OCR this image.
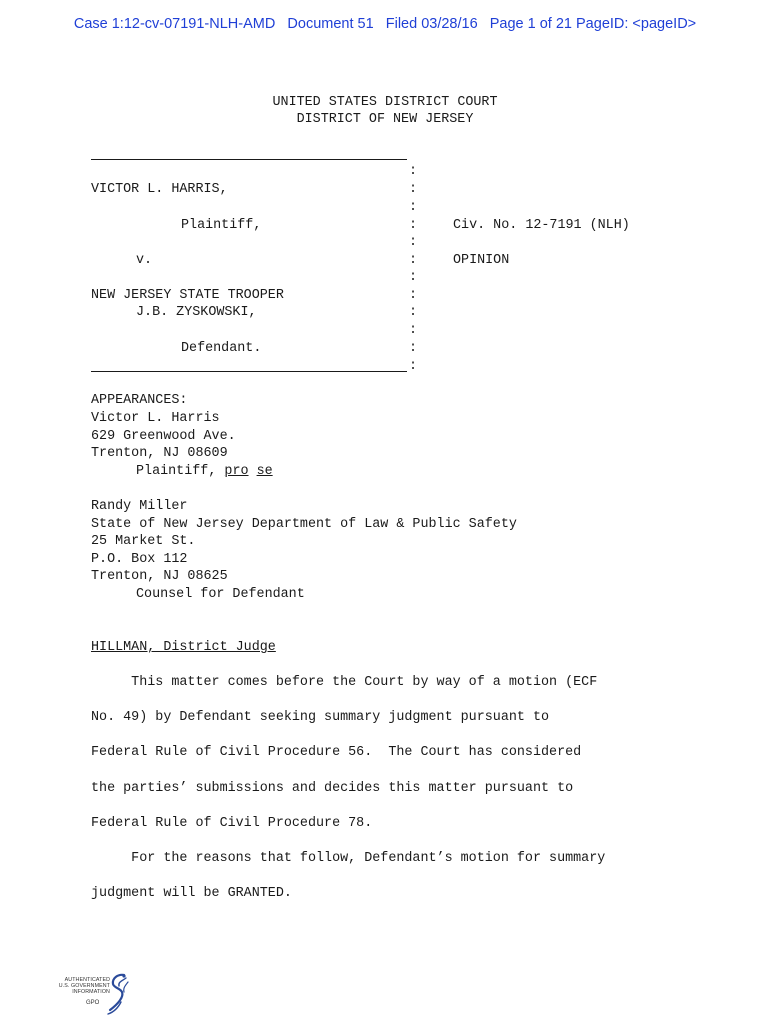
Case 1:12-cv-07191-NLH-AMD Document 51 Filed 03/28/16 Page 1 of 21 PageID: <pageID>
UNITED STATES DISTRICT COURT
DISTRICT OF NEW JERSEY
:
:
:
:
:
:
:
:
:
:
:
:
VICTOR L. HARRIS,
Plaintiff,	Civ. No. 12-7191 (NLH)
v.	OPINION
NEW JERSEY STATE TROOPER
J.B. ZYSKOWSKI,
Defendant.
APPEARANCES:
Victor L. Harris
629 Greenwood Ave.
Trenton, NJ 08609
Plaintiff, pro se
Randy Miller
State of New Jersey Department of Law & Public Safety
25 Market St.
P.O. Box 112
Trenton, NJ 08625
Counsel for Defendant
HILLMAN, District Judge
This matter comes before the Court by way of a motion (ECF
No. 49) by Defendant seeking summary judgment pursuant to
Federal Rule of Civil Procedure 56.  The Court has considered
the parties’ submissions and decides this matter pursuant to
Federal Rule of Civil Procedure 78.
For the reasons that follow, Defendant’s motion for summary
judgment will be GRANTED.
AUTHENTICATED
U.S. GOVERNMENT
INFORMATION
GPO
